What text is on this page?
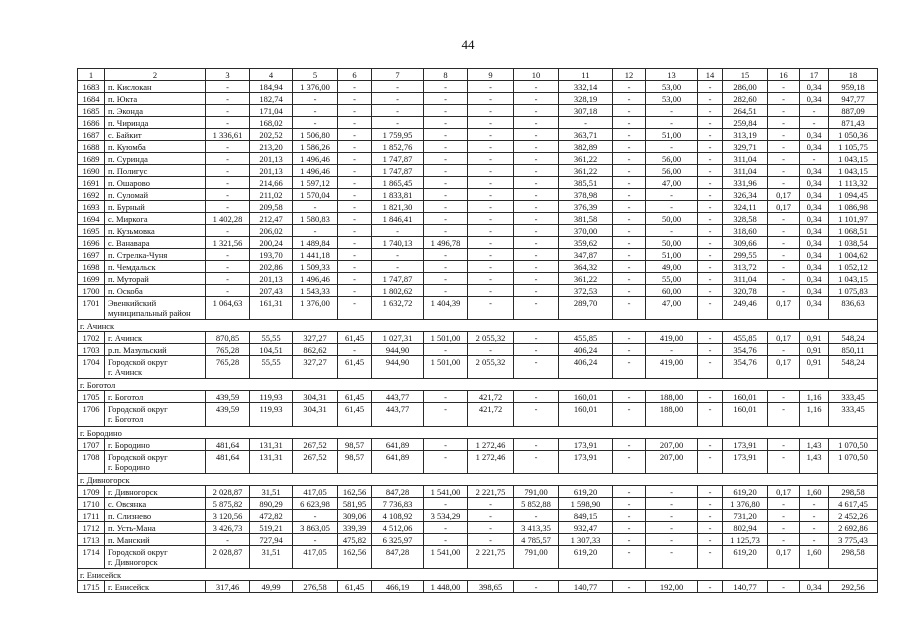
44
1	2	3	4	5	6	7	8	9	10	11	12	13	14	15	16	17	18
1683	п. Кислокан	-	184,94	1 376,00	-	-	-	-	-	332,14	-	53,00	-	286,00	-	0,34	959,18
1684	п. Юкта	-	182,74	-	-	-	-	-	-	328,19	-	53,00	-	282,60	-	0,34	947,77
1685	п. Эконда	-	171,04	-	-	-	-	-	-	307,18	-	-	-	264,51	-	-	887,09
1686	п. Чиринда	-	168,02	-	-	-	-	-	-	-	-	-	-	259,84	-	-	871,43
1687	с. Байкит	1 336,61	202,52	1 506,80	-	1 759,95	-	-	-	363,71	-	51,00	-	313,19	-	0,34	1 050,36
1688	п. Куюмба	-	213,20	1 586,26	-	1 852,76	-	-	-	382,89	-	-	-	329,71	-	0,34	1 105,75
1689	п. Суринда	-	201,13	1 496,46	-	1 747,87	-	-	-	361,22	-	56,00	-	311,04	-	-	1 043,15
1690	п. Полигус	-	201,13	1 496,46	-	1 747,87	-	-	-	361,22	-	56,00	-	311,04	-	0,34	1 043,15
1691	п. Ошарово	-	214,66	1 597,12	-	1 865,45	-	-	-	385,51	-	47,00	-	331,96	-	0,34	1 113,32
1692	п. Суломай	-	211,02	1 570,04	-	1 833,81	-	-	-	378,98	-	-	-	326,34	0,17	0,34	1 094,45
1693	п. Бурный	-	209,58	-	-	1 821,30	-	-	-	376,39	-	-	-	324,11	0,17	0,34	1 086,98
1694	с. Миркога	1 402,28	212,47	1 580,83	-	1 846,41	-	-	-	381,58	-	50,00	-	328,58	-	0,34	1 101,97
1695	п. Кузьмовка	-	206,02	-	-	-	-	-	-	370,00	-	-	-	318,60	-	0,34	1 068,51
1696	с. Ванавара	1 321,56	200,24	1 489,84	-	1 740,13	1 496,78	-	-	359,62	-	50,00	-	309,66	-	0,34	1 038,54
1697	п. Стрелка-Чуня	-	193,70	1 441,18	-	-	-	-	-	347,87	-	51,00	-	299,55	-	0,34	1 004,62
1698	п. Чемдальск	-	202,86	1 509,33	-	-	-	-	-	364,32	-	49,00	-	313,72	-	0,34	1 052,12
1699	п. Муторай	-	201,13	1 496,46	-	1 747,87	-	-	-	361,22	-	55,00	-	311,04	-	0,34	1 043,15
1700	п. Оскоба	-	207,43	1 543,33	-	1 802,62	-	-	-	372,53	-	60,00	-	320,78	-	0,34	1 075,83
1701	Эвенкийский
муниципальный район	1 064,63	161,31	1 376,00	-	1 632,72	1 404,39	-	-	289,70	-	47,00	-	249,46	0,17	0,34	836,63
г. Ачинск																	
1702	г. Ачинск	870,85	55,55	327,27	61,45	1 027,31	1 501,00	2 055,32	-	455,85	-	419,00	-	455,85	0,17	0,91	548,24
1703	р.п. Мазульский	765,28	104,51	862,62	-	944,90	-	-	-	406,24	-	-	-	354,76	-	0,91	850,11
1704	Городской округ
г. Ачинск	765,28	55,55	327,27	61,45	944,90	1 501,00	2 055,32	-	406,24	-	419,00	-	354,76	0,17	0,91	548,24
г. Боготол																	
1705	г. Боготол	439,59	119,93	304,31	61,45	443,77	-	421,72	-	160,01	-	188,00	-	160,01	-	1,16	333,45
1706	Городской округ
г. Боготол	439,59	119,93	304,31	61,45	443,77	-	421,72	-	160,01	-	188,00	-	160,01	-	1,16	333,45
г. Бородино																	
1707	г. Бородино	481,64	131,31	267,52	98,57	641,89	-	1 272,46	-	173,91	-	207,00	-	173,91	-	1,43	1 070,50
1708	Городской округ
г. Бородино	481,64	131,31	267,52	98,57	641,89	-	1 272,46	-	173,91	-	207,00	-	173,91	-	1,43	1 070,50
г. Дивногорск																	
1709	г. Дивногорск	2 028,87	31,51	417,05	162,56	847,28	1 541,00	2 221,75	791,00	619,20	-	-	-	619,20	0,17	1,60	298,58
1710	с. Овсянка	5 875,82	890,29	6 623,98	581,95	7 736,83	-	-	5 852,88	1 598,90	-	-	-	1 376,80	-	-	4 617,45
1711	п. Слизнево	3 120,56	472,82	-	309,06	4 108,92	3 534,29	-	-	849,15	-	-	-	731,20	-	-	2 452,26
1712	п. Усть-Мана	3 426,73	519,21	3 863,05	339,39	4 512,06	-	-	3 413,35	932,47	-	-	-	802,94	-	-	2 692,86
1713	п. Манский	-	727,94	-	475,82	6 325,97	-	-	4 785,57	1 307,33	-	-	-	1 125,73	-	-	3 775,43
1714	Городской округ
г. Дивногорск	2 028,87	31,51	417,05	162,56	847,28	1 541,00	2 221,75	791,00	619,20	-	-	-	619,20	0,17	1,60	298,58
г. Енисейск																	
1715	г. Енисейск	317,46	49,99	276,58	61,45	466,19	1 448,00	398,65	-	140,77	-	192,00	-	140,77	-	0,34	292,56
